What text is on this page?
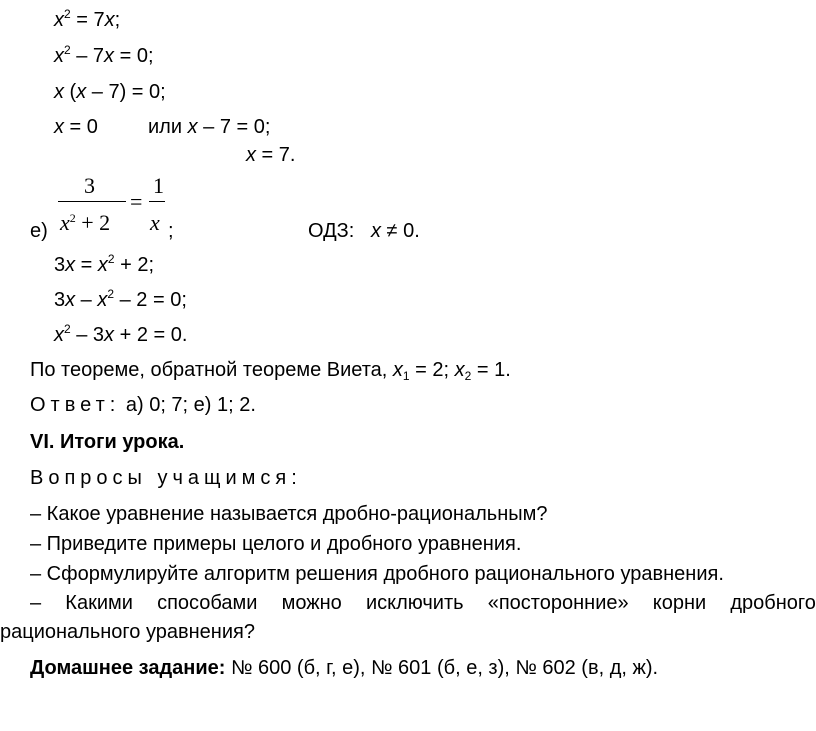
$x^2 = 7x$;
$x^2 - 7x = 0$;
x (x – 7) = 0;
x = 0	или x – 7 = 0;
x = 7.
е)
3
$x^2 + 2$
=
1
x ;	ОДЗ: x ≠ 0.
$3x = x^2 + 2$;
$3x - x^2 - 2 = 0$;
$x^2 - 3x + 2 = 0$.
По теореме, обратной теореме Виета, $x_1 = 2$; $x_2 = 1$.
Ответ: а) 0; 7; е) 1; 2.
VI. Итоги урока.
Вопросы учащимся:
– Какое уравнение называется дробно-рациональным?
– Приведите примеры целого и дробного уравнения.
– Сформулируйте алгоритм решения дробного рационального уравнения.
– Какими способами можно исключить «посторонние» корни дробного
рационального уравнения?
Домашнее задание: № 600 (б, г, е), № 601 (б, е, з), № 602 (в, д, ж).
